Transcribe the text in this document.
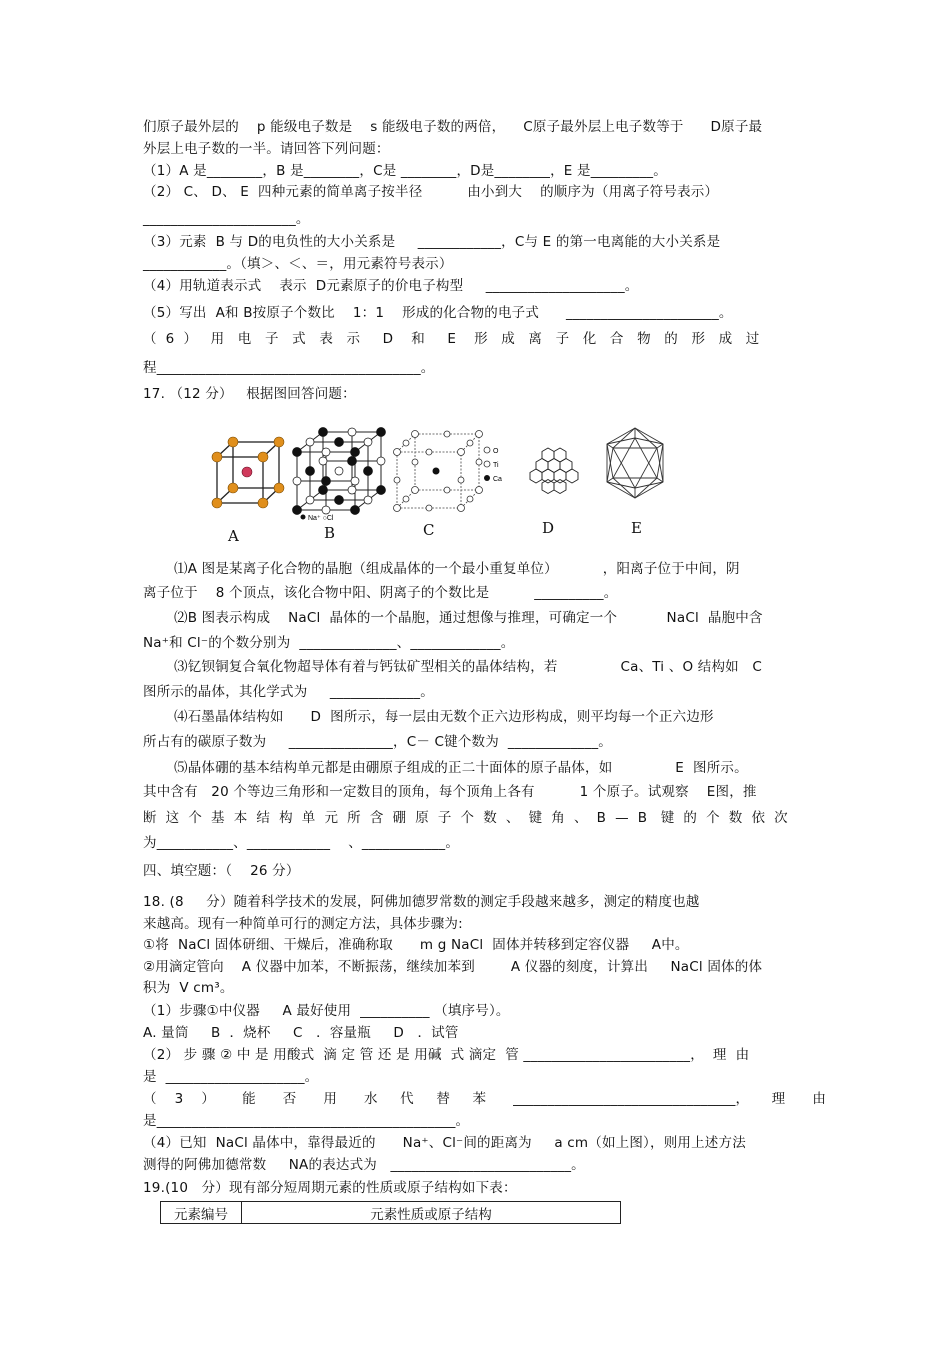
们原子最外层的    p 能级电子数是    s 能级电子数的两倍，    C原子最外层上电子数等于      D原子最
外层上电子数的一半。请回答下列问题：
（1）A 是________，B 是________，C是 ________，D是________，E 是_________。
（2） C、 D、 E  四种元素的简单离子按半径          由小到大    的顺序为（用离子符号表示）
______________________。
（3）元素  B 与 D的电负性的大小关系是     ____________，C与 E 的第一电离能的大小关系是
____________。（填＞、＜、＝，用元素符号表示）
（4）用轨道表示式    表示  D元素原子的价电子构型     ____________________。
（5）写出  A和 B按原子个数比    1：1    形成的化合物的电子式      ______________________。
（  6  ）   用   电   子   式   表   示     D    和     E    形   成   离   子   化   合   物   的   形   成   过
程______________________________________。
17. （12 分）   根据图回答问题：
Na⁺ ○Cl
O
Ti
Ca
A	B	C	D	E
⑴A 图是某离子化合物的晶胞（组成晶体的一个最小重复单位）          ，阳离子位于中间，阴
离子位于    8 个顶点，该化合物中阳、阴离子的个数比是          __________。
⑵B 图表示构成    NaCl  晶体的一个晶胞，通过想像与推理，可确定一个           NaCl  晶胞中含
Na⁺和 Cl⁻的个数分别为  ______________、_____________。
⑶钇钡铜复合氧化物超导体有着与钙钛矿型相关的晶体结构，若              Ca、Ti 、O 结构如   C
图所示的晶体，其化学式为     _____________。
⑷石墨晶体结构如      D  图所示，每一层由无数个正六边形构成，则平均每一个正六边形
所占有的碳原子数为     _______________，C－ C键个数为  _____________。
⑸晶体硼的基本结构单元都是由硼原子组成的正二十面体的原子晶体，如              E  图所示。
其中含有   20 个等边三角形和一定数目的顶角，每个顶角上各有          1 个原子。试观察    E图，推
断  这  个  基  本  结  构  单  元  所  含  硼  原  子  个  数  、  键  角  、  B  —  B   键  的  个  数  依  次
为___________、____________    、____________。
四、填空题：（    26 分）
18. (8     分）随着科学技术的发展，阿佛加德罗常数的测定手段越来越多，测定的精度也越
来越高。现有一种简单可行的测定方法，具体步骤为:
①将  NaCl 固体研细、干燥后，准确称取      m g NaCl  固体并转移到定容仪器     A中。
②用滴定管向    A 仪器中加苯，不断振荡，继续加苯到        A 仪器的刻度，计算出     NaCl 固体的体
积为  V cm³。
（1）步骤①中仪器     A 最好使用  __________ （填序号）。
A. 量筒     B  ．烧杯     C   ．容量瓶     D   ．试管
（2） 步 骤 ② 中 是 用酸式  滴 定 管 还 是 用碱  式 滴定  管 ________________________，  理  由
是  ____________________。
（    3    ）      能      否      用      水     代     替     苯      ________________________________，     理      由
是___________________________________________。
（4）已知  NaCl 晶体中，靠得最近的      Na⁺、Cl⁻间的距离为     a cm（如上图），则用上述方法
测得的阿佛加德常数     NA的表达式为   __________________________。
19.(10   分）现有部分短周期元素的性质或原子结构如下表：
元素编号	元素性质或原子结构
